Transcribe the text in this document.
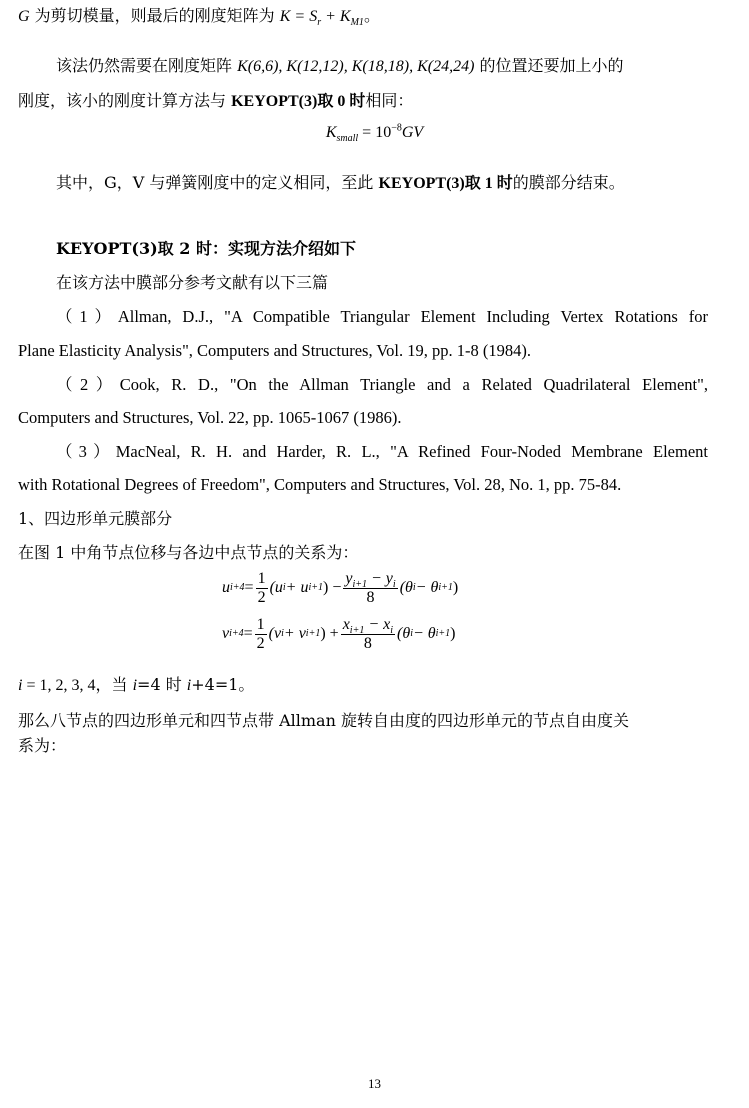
G 为剪切模量，则最后的刚度矩阵为 $K = S_r + K_{M1}$。
该法仍然需要在刚度矩阵 K(6,6), K(12,12), K(18,18), K(24,24) 的位置还要加上小的
刚度，该小的刚度计算方法与 KEYOPT(3)取 0 时相同：
$K_{small} = 10^{-8}GV$
其中，G，V 与弹簧刚度中的定义相同，至此 KEYOPT(3)取 1 时的膜部分结束。
KEYOPT(3)取 2 时：实现方法介绍如下
在该方法中膜部分参考文献有以下三篇
（1）Allman, D.J., "A Compatible Triangular Element Including Vertex Rotations for
Plane Elasticity Analysis", Computers and Structures, Vol. 19, pp. 1-8 (1984).
（2）Cook, R. D., "On the Allman Triangle and a Related Quadrilateral Element",
Computers and Structures, Vol. 22, pp. 1065-1067 (1986).
（3）MacNeal, R. H. and Harder, R. L., "A Refined Four-Noded Membrane Element
with Rotational Degrees of Freedom", Computers and Structures, Vol. 28, No. 1, pp. 75-84.
1、四边形单元膜部分
在图 1 中角节点位移与各边中点节点的关系为：
u $i+4 = \frac{1}{2} (u$ i + u i+1 ) − $\frac{y_{i+1} - y_i}{8} (\theta$ i − θ i+1 )
v $i+4 = \frac{1}{2} (v$ i + v i+1 ) + $\frac{x_{i+1} - x_i}{8} (\theta$ i − θ i+1 )
i = 1, 2, 3, 4，当 i=4 时 i+4=1。
那么八节点的四边形单元和四节点带 Allman 旋转自由度的四边形单元的节点自由度关
系为：
13
